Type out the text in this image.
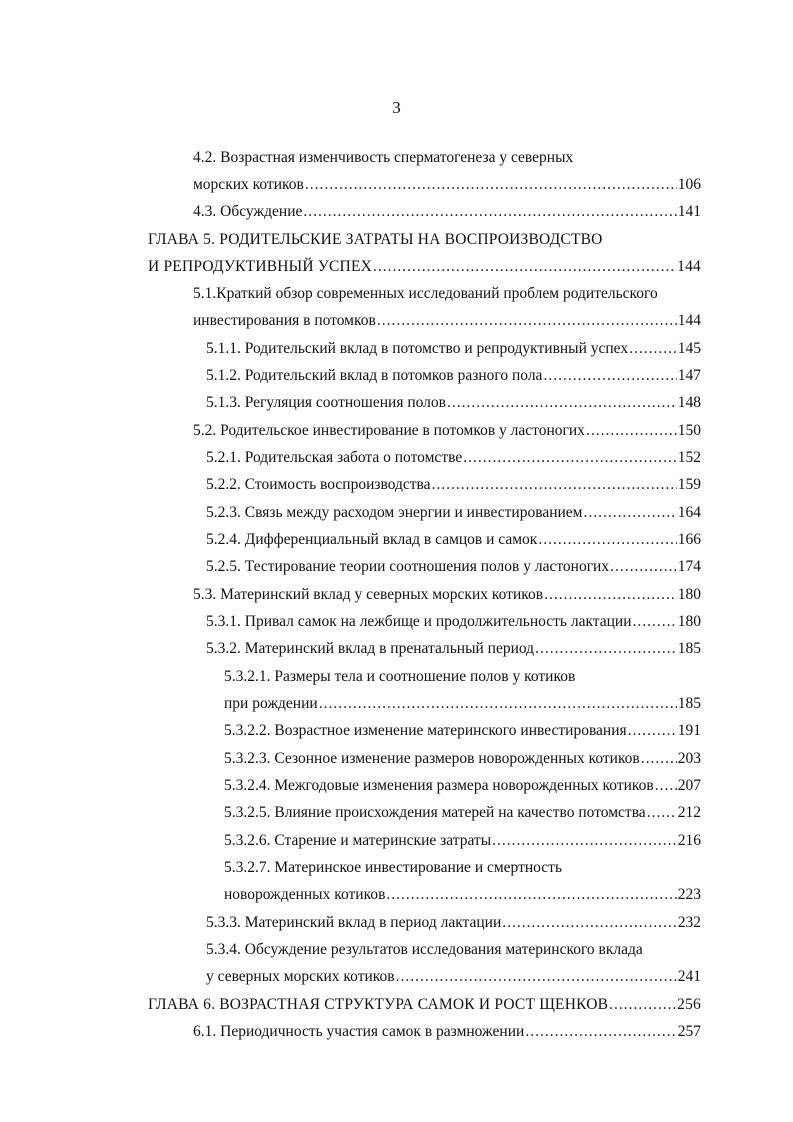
3
4.2. Возрастная изменчивость сперматогенеза у северных
морских котиков .....	106
4.3. Обсуждение .....	141
ГЛАВА 5. РОДИТЕЛЬСКИЕ ЗАТРАТЫ НА ВОСПРОИЗВОДСТВО
И РЕПРОДУКТИВНЫЙ УСПЕХ .....	144
5.1.Краткий обзор современных исследований проблем родительского
инвестирования в потомков .....	144
5.1.1. Родительский вклад в потомство и репродуктивный успех .....	145
5.1.2. Родительский вклад в потомков разного пола .....	147
5.1.3. Регуляция соотношения полов .....	148
5.2. Родительское инвестирование в потомков у ластоногих .....	150
5.2.1. Родительская забота о потомстве .....	152
5.2.2. Стоимость воспроизводства .....	159
5.2.3. Связь между расходом энергии и инвестированием .....	164
5.2.4. Дифференциальный вклад в самцов и самок .....	166
5.2.5. Тестирование теории соотношения полов у ластоногих .....	174
5.3. Материнский вклад у северных морских котиков .....	180
5.3.1. Привал самок на лежбище и продолжительность лактации .....	180
5.3.2. Материнский вклад в пренатальный период .....	185
5.3.2.1. Размеры тела и соотношение полов у котиков
при рождении .....	185
5.3.2.2. Возрастное изменение материнского инвестирования .....	191
5.3.2.3. Сезонное изменение размеров новорожденных котиков ..... 203
5.3.2.4. Межгодовые изменения размера новорожденных котиков ..... 207
5.3.2.5. Влияние происхождения матерей на качество потомства ..... 212
5.3.2.6. Старение и материнские затраты .....	216
5.3.2.7. Материнское инвестирование и смертность
новорожденных котиков .....	223
5.3.3. Материнский вклад в период лактации .....	232
5.3.4. Обсуждение результатов исследования материнского вклада
у северных морских котиков .....	241
ГЛАВА 6. ВОЗРАСТНАЯ СТРУКТУРА САМОК И РОСТ ЩЕНКОВ .....	256
6.1. Периодичность участия самок в размножении .....	257
